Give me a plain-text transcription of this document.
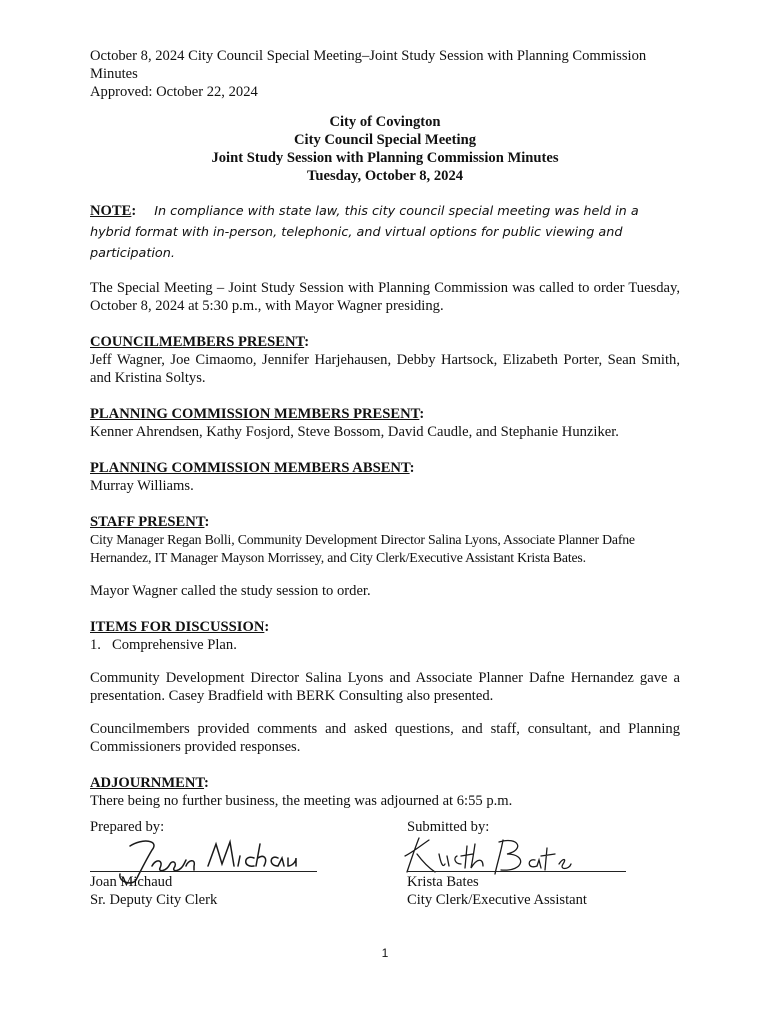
October 8, 2024 City Council Special Meeting–Joint Study Session with Planning Commission
Minutes
Approved: October 22, 2024
City of Covington
City Council Special Meeting
Joint Study Session with Planning Commission Minutes
Tuesday, October 8, 2024
NOTE: In compliance with state law, this city council special meeting was held in a hybrid format with in-person, telephonic, and virtual options for public viewing and participation.
The Special Meeting – Joint Study Session with Planning Commission was called to order Tuesday, October 8, 2024 at 5:30 p.m., with Mayor Wagner presiding.
COUNCILMEMBERS PRESENT:
Jeff Wagner, Joe Cimaomo, Jennifer Harjehausen, Debby Hartsock, Elizabeth Porter, Sean Smith, and Kristina Soltys.
PLANNING COMMISSION MEMBERS PRESENT:
Kenner Ahrendsen, Kathy Fosjord, Steve Bossom, David Caudle, and Stephanie Hunziker.
PLANNING COMMISSION MEMBERS ABSENT:
Murray Williams.
STAFF PRESENT:
City Manager Regan Bolli, Community Development Director Salina Lyons, Associate Planner Dafne Hernandez, IT Manager Mayson Morrissey, and City Clerk/Executive Assistant Krista Bates.
Mayor Wagner called the study session to order.
ITEMS FOR DISCUSSION:
1. Comprehensive Plan.
Community Development Director Salina Lyons and Associate Planner Dafne Hernandez gave a presentation. Casey Bradfield with BERK Consulting also presented.
Councilmembers provided comments and asked questions, and staff, consultant, and Planning Commissioners provided responses.
ADJOURNMENT:
There being no further business, the meeting was adjourned at 6:55 p.m.
Prepared by:
Joan Michaud
Sr. Deputy City Clerk
Submitted by:
Krista Bates
City Clerk/Executive Assistant
1
